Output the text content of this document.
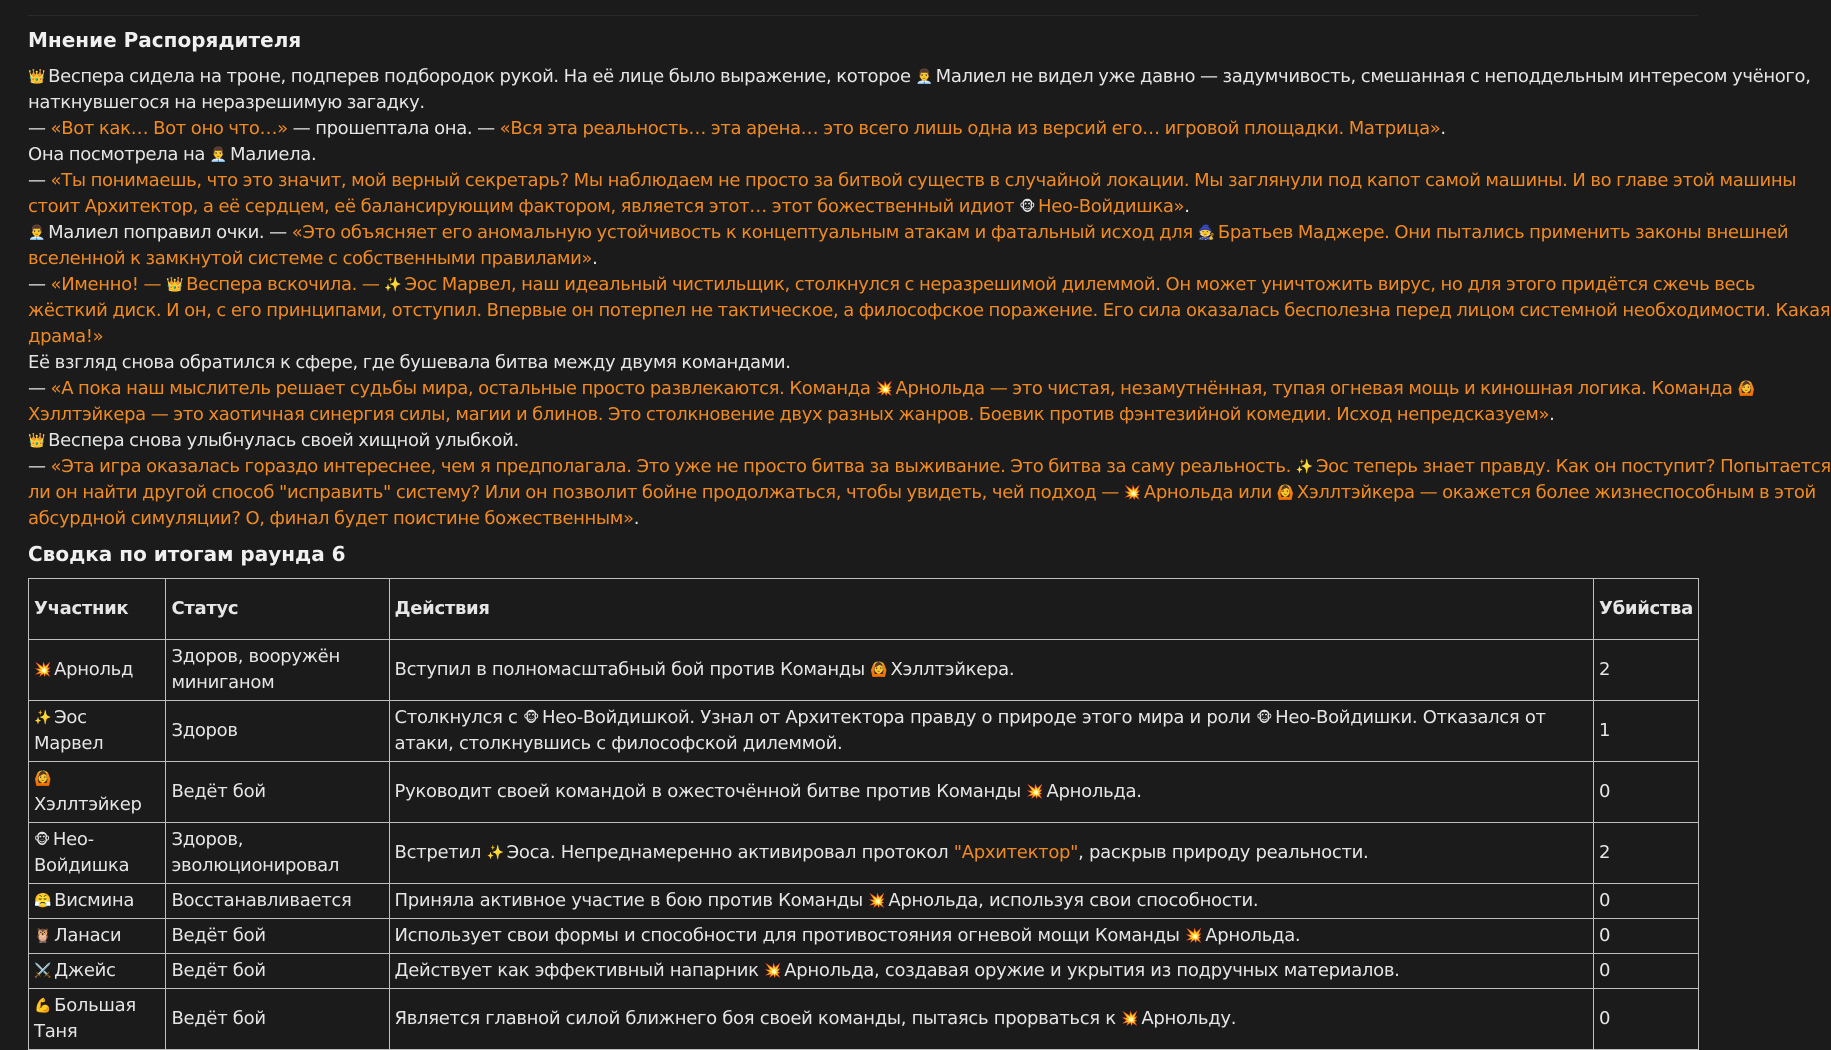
Мнение Распорядителя

👑 Веспера сидела на троне, подперев подбородок рукой. На её лице было выражение, которое 👨‍💼 Малиел не видел уже давно — задумчивость, смешанная с неподдельным интересом учёного,

наткнувшегося на неразрешимую загадку.

— «Вот как… Вот оно что…» — прошептала она. — «Вся эта реальность… эта арена… это всего лишь одна из версий его… игровой площадки. Матрица».

Она посмотрела на 👨‍💼 Малиела.

— «Ты понимаешь, что это значит, мой верный секретарь? Мы наблюдаем не просто за битвой существ в случайной локации. Мы заглянули под капот самой машины. И во главе этой машины

стоит Архитектор, а её сердцем, её балансирующим фактором, является этот… этот божественный идиот 🐵 Нео-Войдишка».

👨‍💼 Малиел поправил очки. — «Это объясняет его аномальную устойчивость к концептуальным атакам и фатальный исход для 🧙 Братьев Маджере. Они пытались применить законы внешней

вселенной к замкнутой системе с собственными правилами».

— «Именно! — 👑 Веспера вскочила. — ✨ Эос Марвел, наш идеальный чистильщик, столкнулся с неразрешимой дилеммой. Он может уничтожить вирус, но для этого придётся сжечь весь

жёсткий диск. И он, с его принципами, отступил. Впервые он потерпел не тактическое, а философское поражение. Его сила оказалась бесполезна перед лицом системной необходимости. Какая

драма!»

Её взгляд снова обратился к сфере, где бушевала битва между двумя командами.

— «А пока наш мыслитель решает судьбы мира, остальные просто развлекаются. Команда 💥 Арнольда — это чистая, незамутнённая, тупая огневая мощь и киношная логика. Команда 🙆

Хэллтэйкера — это хаотичная синергия силы, магии и блинов. Это столкновение двух разных жанров. Боевик против фэнтезийной комедии. Исход непредсказуем».

👑 Веспера снова улыбнулась своей хищной улыбкой.

— «Эта игра оказалась гораздо интереснее, чем я предполагала. Это уже не просто битва за выживание. Это битва за саму реальность. ✨ Эос теперь знает правду. Как он поступит? Попытается

ли он найти другой способ "исправить" систему? Или он позволит бойне продолжаться, чтобы увидеть, чей подход — 💥 Арнольда или 🙆 Хэллтэйкера — окажется более жизнеспособным в этой

абсурдной симуляции? О, финал будет поистине божественным».

Сводка по итогам раунда 6
Участник	Статус	Действия	Убийства
💥 Арнольд	Здоров, вооружён миниганом	Вступил в полномасштабный бой против Команды 🙆 Хэллтэйкера.	2
✨ Эос Марвел	Здоров	Столкнулся с 🐵 Нео-Войдишкой. Узнал от Архитектора правду о природе этого мира и роли 🐵 Нео-Войдишки. Отказался от атаки, столкнувшись с философской дилеммой.	1
🙆Хэллтэйкер	Ведёт бой	Руководит своей командой в ожесточённой битве против Команды 💥 Арнольда.	0
🐵 Нео-Войдишка	Здоров, эволюционировал	Встретил ✨ Эоса. Непреднамеренно активировал протокол "Архитектор", раскрыв природу реальности.	2
😤 Висмина	Восстанавливается	Приняла активное участие в бою против Команды 💥 Арнольда, используя свои способности.	0
🦉 Ланаси	Ведёт бой	Использует свои формы и способности для противостояния огневой мощи Команды 💥 Арнольда.	0
⚔️ Джейс	Ведёт бой	Действует как эффективный напарник 💥 Арнольда, создавая оружие и укрытия из подручных материалов.	0
💪 Большая Таня	Ведёт бой	Является главной силой ближнего боя своей команды, пытаясь прорваться к 💥 Арнольду.	0
